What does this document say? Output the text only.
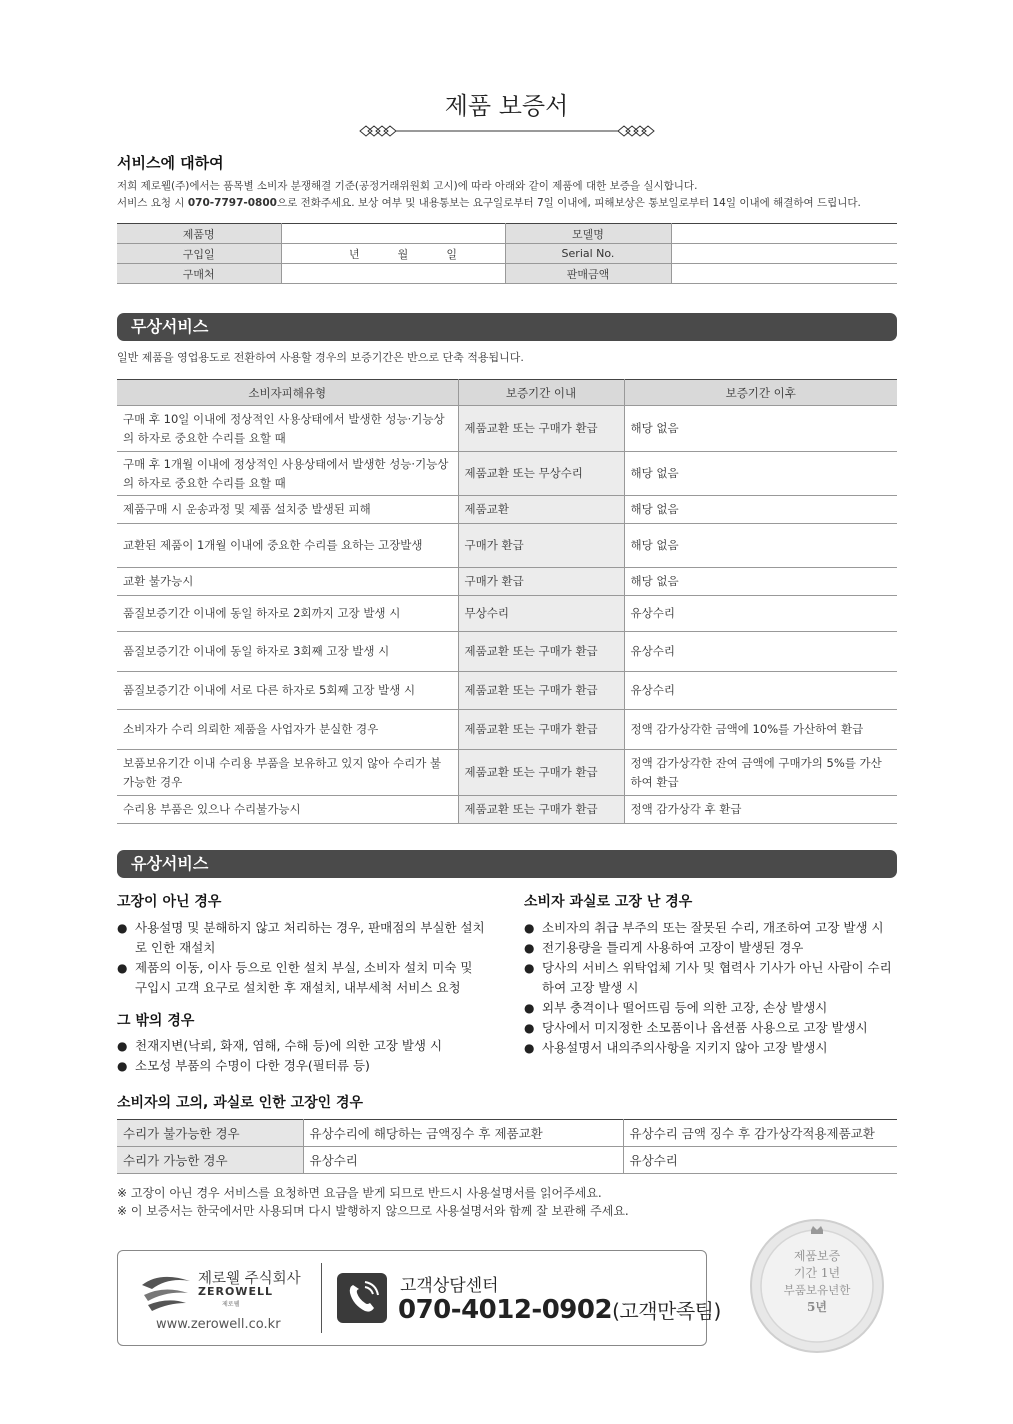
제품 보증서
서비스에 대하여
저희 제로웰(주)에서는 품목별 소비자 분쟁해결 기준(공정거래위원회 고시)에 따라 아래와 같이 제품에 대한 보증을 실시합니다.
서비스 요청 시 070-7797-0800으로 전화주세요. 보상 여부 및 내용통보는 요구일로부터 7일 이내에, 피해보상은 통보일로부터 14일 이내에 해결하여 드립니다.
제품명		모델명	
구입일	년 월 일	Serial No.	
구매처		판매금액	
무상서비스
일반 제품을 영업용도로 전환하여 사용할 경우의 보증기간은 반으로 단축 적용됩니다.
소비자피해유형	보증기간 이내	보증기간 이후
구매 후 10일 이내에 정상적인 사용상태에서 발생한 성능·기능상의 하자로 중요한 수리를 요할 때	제품교환 또는 구매가 환급	해당 없음
구매 후 1개월 이내에 정상적인 사용상태에서 발생한 성능·기능상의 하자로 중요한 수리를 요할 때	제품교환 또는 무상수리	해당 없음
제품구매 시 운송과정 및 제품 설치중 발생된 피해	제품교환	해당 없음
교환된 제품이 1개월 이내에 중요한 수리를 요하는 고장발생	구매가 환급	해당 없음
교환 불가능시	구매가 환급	해당 없음
품질보증기간 이내에 동일 하자로 2회까지 고장 발생 시	무상수리	유상수리
품질보증기간 이내에 동일 하자로 3회째 고장 발생 시	제품교환 또는 구매가 환급	유상수리
품질보증기간 이내에 서로 다른 하자로 5회째 고장 발생 시	제품교환 또는 구매가 환급	유상수리
소비자가 수리 의뢰한 제품을 사업자가 분실한 경우	제품교환 또는 구매가 환급	정액 감가상각한 금액에 10%를 가산하여 환급
보품보유기간 이내 수리용 부품을 보유하고 있지 않아 수리가 불가능한 경우	제품교환 또는 구매가 환급	정액 감가상각한 잔여 금액에 구매가의 5%를 가산하여 환급
수리용 부품은 있으나 수리불가능시	제품교환 또는 구매가 환급	정액 감가상각 후 환급
유상서비스
고장이 아닌 경우
● 사용설명 및 분해하지 않고 처리하는 경우, 판매점의 부실한 설치로 인한 재설치
● 제품의 이동, 이사 등으로 인한 설치 부실, 소비자 설치 미숙 및 구입시 고객 요구로 설치한 후 재설치, 내부세척 서비스 요청
그 밖의 경우
● 천재지변(낙뢰, 화재, 염해, 수해 등)에 의한 고장 발생 시
● 소모성 부품의 수명이 다한 경우(필터류 등)
소비자 과실로 고장 난 경우
● 소비자의 취급 부주의 또는 잘못된 수리, 개조하여 고장 발생 시
● 전기용량을 틀리게 사용하여 고장이 발생된 경우
● 당사의 서비스 위탁업체 기사 및 협력사 기사가 아닌 사람이 수리하여 고장 발생 시
● 외부 충격이나 떨어뜨림 등에 의한 고장, 손상 발생시
● 당사에서 미지정한 소모품이나 옵션품 사용으로 고장 발생시
● 사용설명서 내의주의사항을 지키지 않아 고장 발생시
소비자의 고의, 과실로 인한 고장인 경우
수리가 불가능한 경우	유상수리에 해당하는 금액징수 후 제품교환	유상수리 금액 징수 후 감가상각적용제품교환
수리가 가능한 경우	유상수리	유상수리
※ 고장이 아닌 경우 서비스를 요청하면 요금을 받게 되므로 반드시 사용설명서를 읽어주세요.
※ 이 보증서는 한국에서만 사용되며 다시 발행하지 않으므로 사용설명서와 함께 잘 보관해 주세요.
제로웰 주식회사
ZEROWELL
제로웰
www.zerowell.co.kr
고객상담센터
070-4012-0902(고객만족팀)
제품보증
기간 1년
부품보유년한
5년
